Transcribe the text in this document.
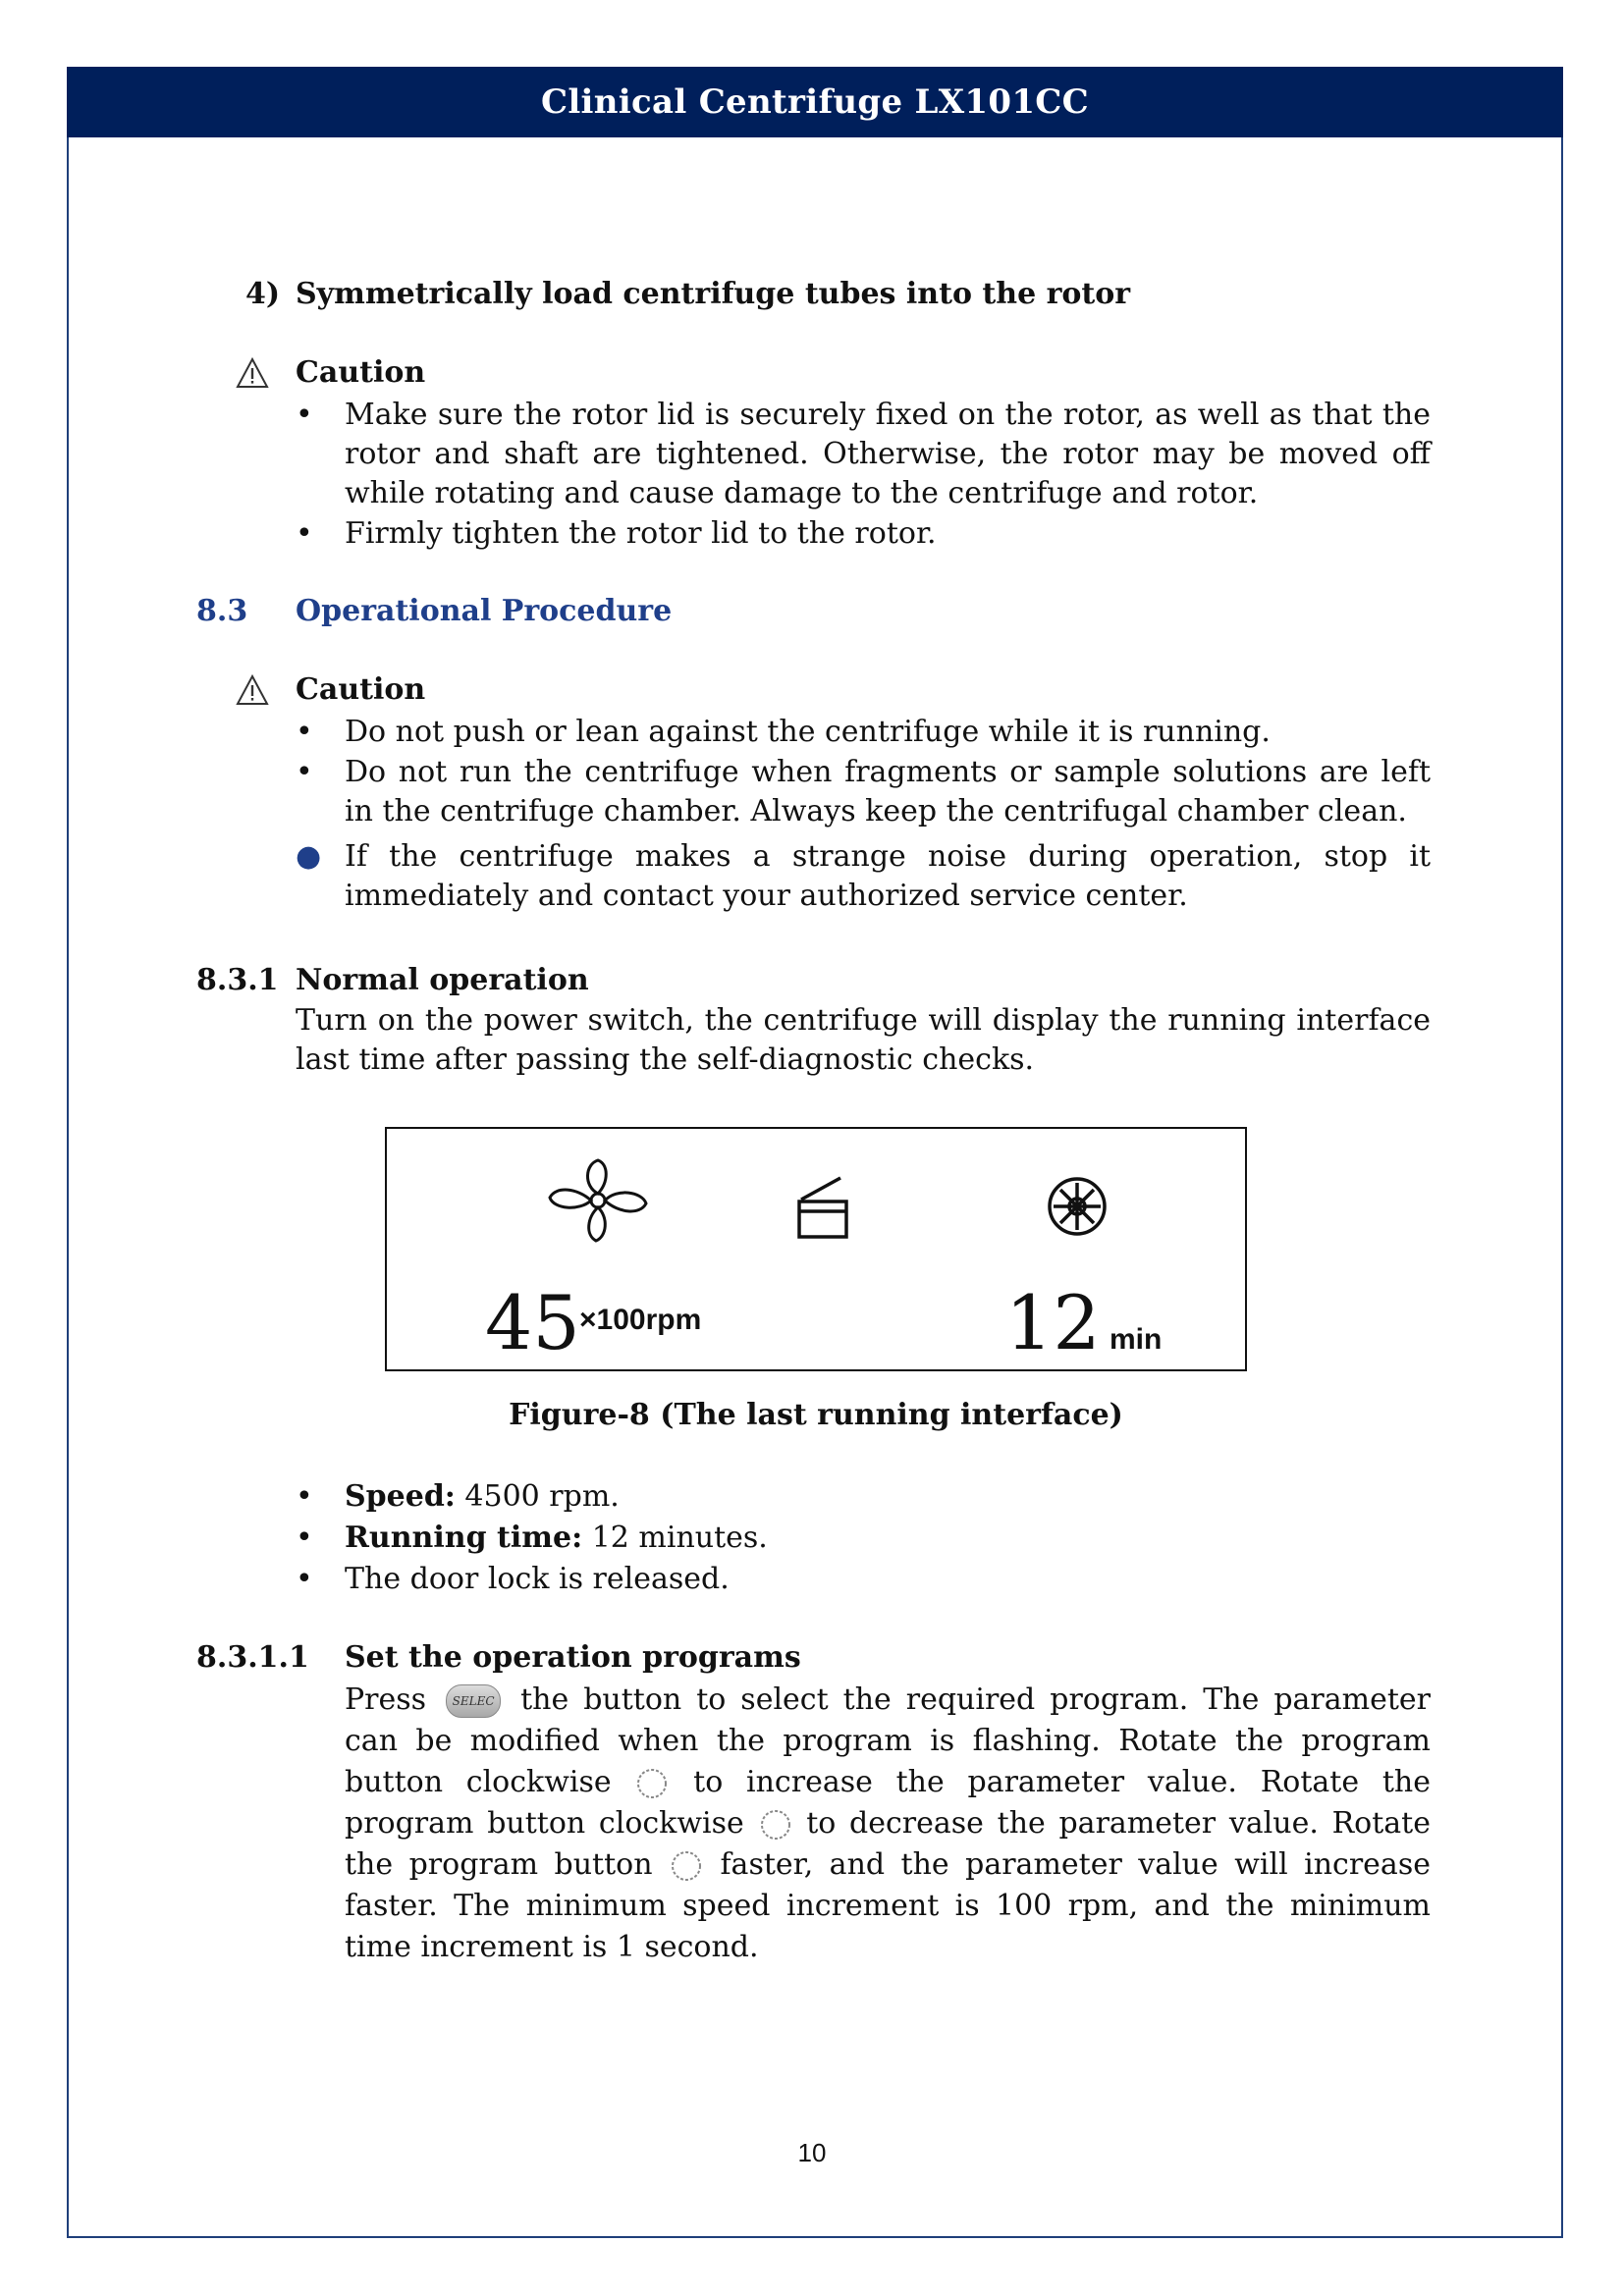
Clinical Centrifuge LX101CC
4) Symmetrically load centrifuge tubes into the rotor
Caution
•	Make sure the rotor lid is securely fixed on the rotor, as well as that the rotor and shaft are tightened. Otherwise, the rotor may be moved off while rotating and cause damage to the centrifuge and rotor.
•	Firmly tighten the rotor lid to the rotor.
8.3 Operational Procedure
Caution
•	Do not push or lean against the centrifuge while it is running.
•	Do not run the centrifuge when fragments or sample solutions are left in the centrifuge chamber. Always keep the centrifugal chamber clean.
● If the centrifuge makes a strange noise during operation, stop it immediately and contact your authorized service center.
8.3.1 Normal operation
Turn on the power switch, the centrifuge will display the running interface last time after passing the self-diagnostic checks.
45 ×100rpm	12 min
Figure-8 (The last running interface)
•	Speed: 4500 rpm.
•	Running time: 12 minutes.
•	The door lock is released.
8.3.1.1 Set the operation programs
Press SELEC the button to select the required program. The parameter can be modified when the program is flashing. Rotate the program button clockwise	to increase the parameter value. Rotate the program button clockwise to decrease the parameter value. Rotate the program button faster, and the parameter value will increase faster. The minimum speed increment is 100 rpm, and the minimum time increment is 1 second.
10
